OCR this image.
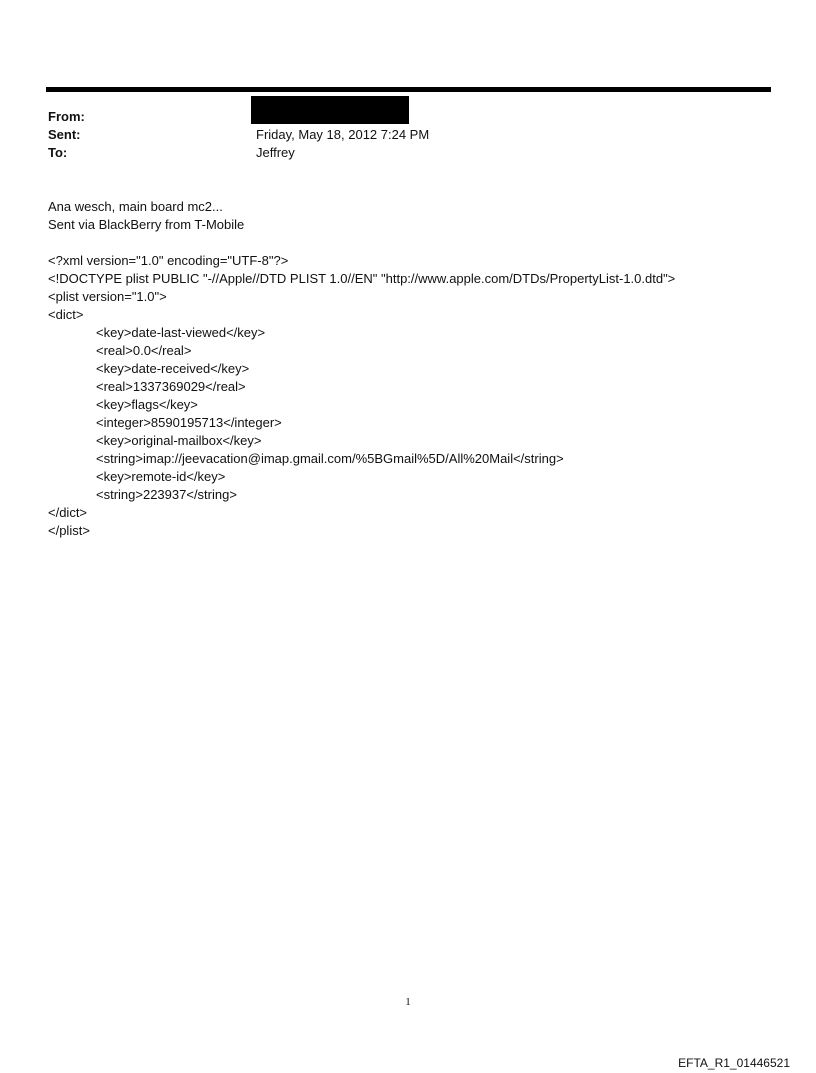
From:
Sent:	Friday, May 18, 2012 7:24 PM
To:	Jeffrey
Ana wesch, main board mc2...
Sent via BlackBerry from T-Mobile
<?xml version="1.0" encoding="UTF-8"?>
<!DOCTYPE plist PUBLIC "-//Apple//DTD PLIST 1.0//EN" "http://www.apple.com/DTDs/PropertyList-1.0.dtd">
<plist version="1.0">
<dict>
<key>date-last-viewed</key>
<real>0.0</real>
<key>date-received</key>
<real>1337369029</real>
<key>flags</key>
<integer>8590195713</integer>
<key>original-mailbox</key>
<string>imap://jeevacation@imap.gmail.com/%5BGmail%5D/All%20Mail</string>
<key>remote-id</key>
<string>223937</string>
</dict>
</plist>
1
EFTA_R1_01446521
